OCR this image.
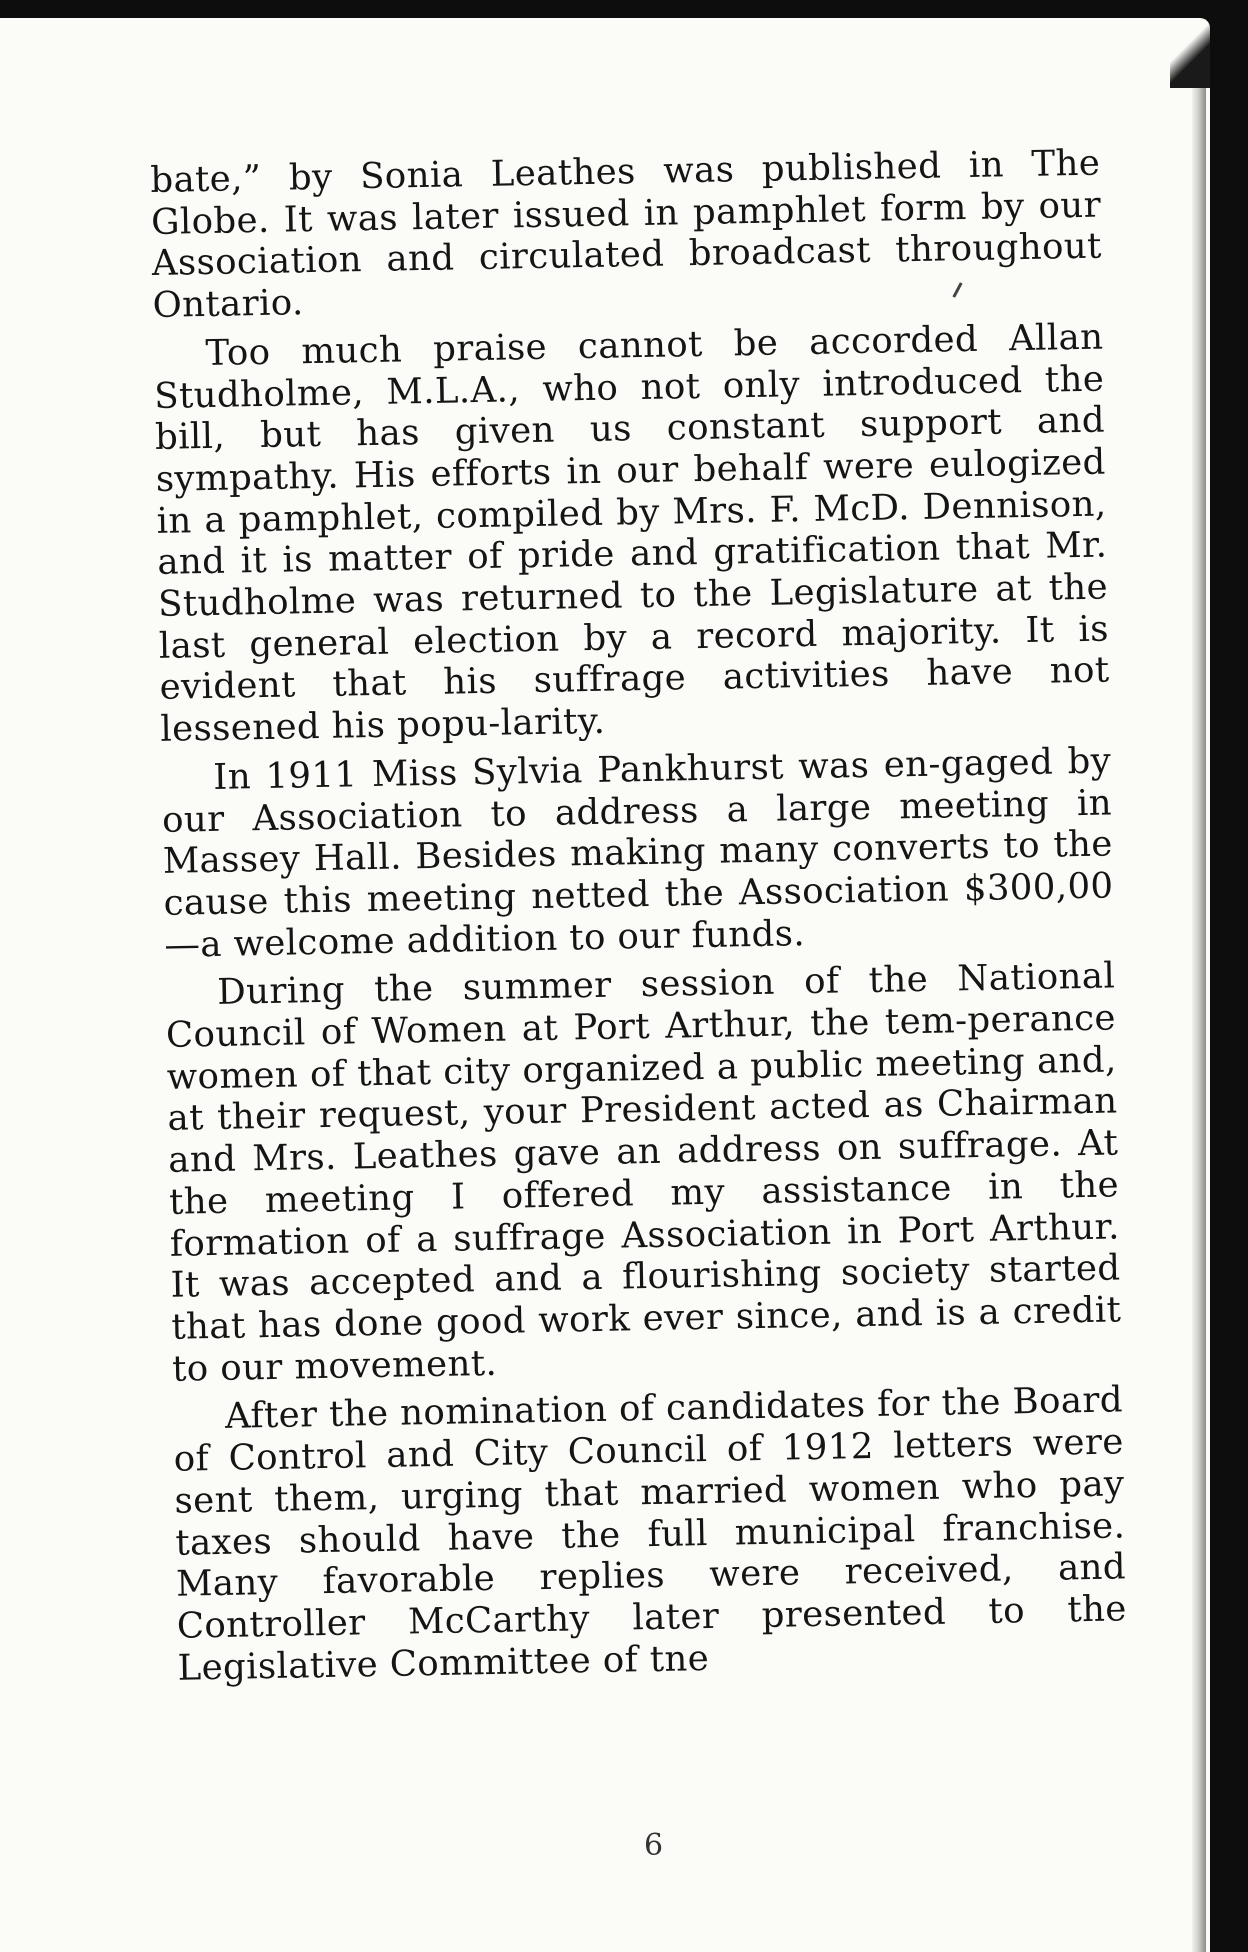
bate,” by Sonia Leathes was published in The Globe. It was later issued in pamphlet form by our Association and circulated broadcast throughout Ontario.

Too much praise cannot be accorded Allan Studholme, M.L.A., who not only introduced the bill, but has given us constant support and sympathy. His efforts in our behalf were eulogized in a pamphlet, compiled by Mrs. F. McD. Dennison, and it is matter of pride and gratification that Mr. Studholme was returned to the Legislature at the last general election by a record majority. It is evident that his suffrage activities have not lessened his popu-larity.

In 1911 Miss Sylvia Pankhurst was en-gaged by our Association to address a large meeting in Massey Hall. Besides making many converts to the cause this meeting netted the Association $300,00—a welcome addition to our funds.

During the summer session of the National Council of Women at Port Arthur, the tem-perance women of that city organized a public meeting and, at their request, your President acted as Chairman and Mrs. Leathes gave an address on suffrage. At the meeting I offered my assistance in the formation of a suffrage Association in Port Arthur. It was accepted and a flourishing society started that has done good work ever since, and is a credit to our movement.

After the nomination of candidates for the Board of Control and City Council of 1912 letters were sent them, urging that married women who pay taxes should have the full municipal franchise. Many favorable replies were received, and Controller McCarthy later presented to the Legislative Committee of tne

6
